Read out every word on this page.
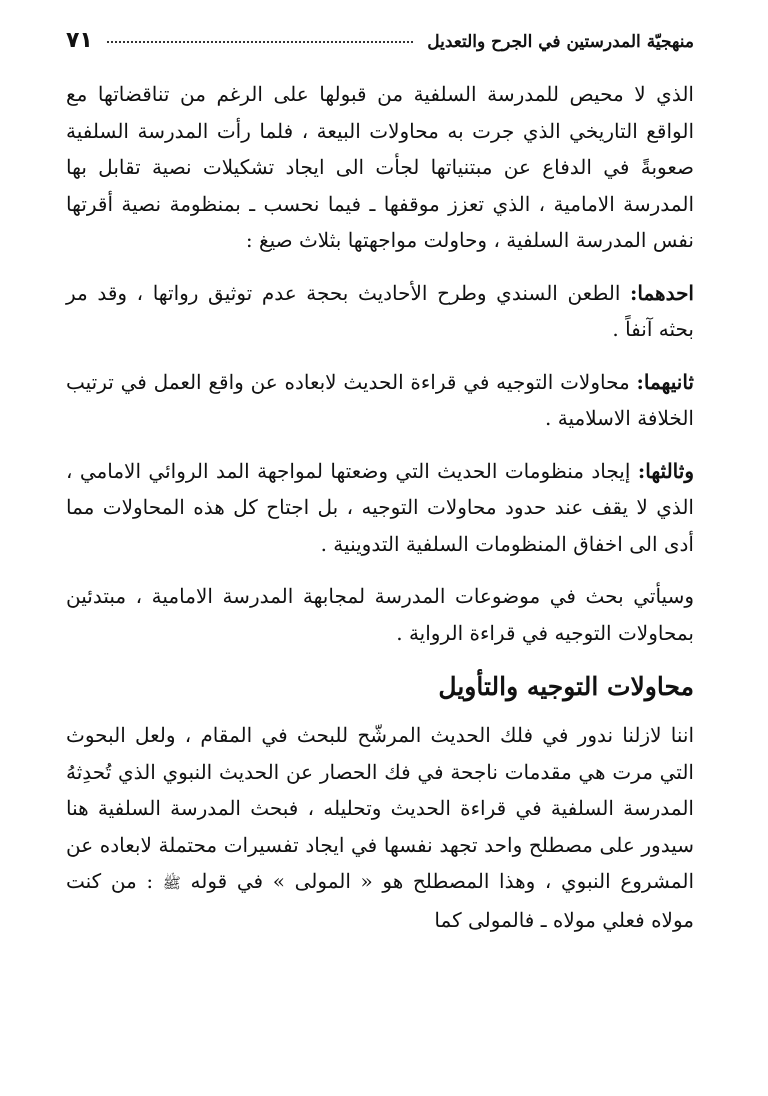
منهجيّة المدرستين في الجرح والتعديل
٧١

الذي لا محيص للمدرسة السلفية من قبولها على الرغم من تناقضاتها مع الواقع التاريخي الذي جرت به محاولات البيعة ، فلما رأت المدرسة السلفية صعوبةً في الدفاع عن مبتنياتها لجأت الى ايجاد تشكيلات نصية تقابل بها المدرسة الامامية ، الذي تعزز موقفها ـ فيما نحسب ـ بمنظومة نصية أقرتها نفس المدرسة السلفية ، وحاولت مواجهتها بثلاث صيغ :

احدهما: الطعن السندي وطرح الأحاديث بحجة عدم توثيق رواتها ، وقد مر بحثه آنفاً .

ثانيهما: محاولات التوجيه في قراءة الحديث لابعاده عن واقع العمل في ترتيب الخلافة الاسلامية .

وثالثها: إيجاد منظومات الحديث التي وضعتها لمواجهة المد الروائي الامامي ، الذي لا يقف عند حدود محاولات التوجيه ، بل اجتاح كل هذه المحاولات مما أدى الى اخفاق المنظومات السلفية التدوينية .

وسيأتي بحث في موضوعات المدرسة لمجابهة المدرسة الامامية ، مبتدئين بمحاولات التوجيه في قراءة الرواية .

محاولات التوجيه والتأويل

اننا لازلنا ندور في فلك الحديث المرشّح للبحث في المقام ، ولعل البحوث التي مرت هي مقدمات ناجحة في فك الحصار عن الحديث النبوي الذي تُحدِثهُ المدرسة السلفية في قراءة الحديث وتحليله ، فبحث المدرسة السلفية هنا سيدور على مصطلح واحد تجهد نفسها في ايجاد تفسيرات محتملة لابعاده عن المشروع النبوي ، وهذا المصطلح هو « المولى » في قوله ﷺ : من كنت مولاه فعلي مولاه ـ فالمولى كما
